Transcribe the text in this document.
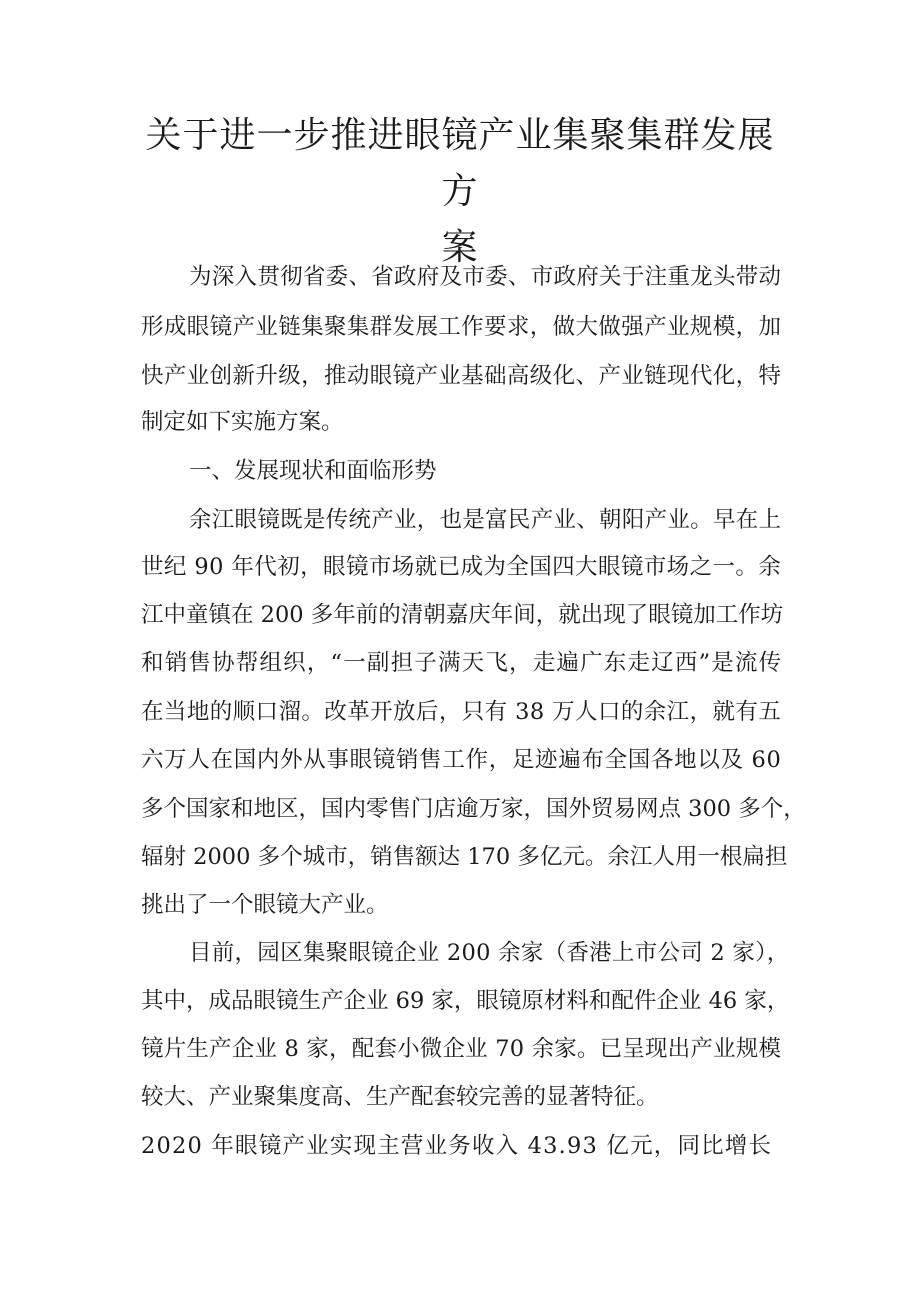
关于进一步推进眼镜产业集聚集群发展方
案
为深入贯彻省委、省政府及市委、市政府关于注重龙头带动
形成眼镜产业链集聚集群发展工作要求，做大做强产业规模，加
快产业创新升级，推动眼镜产业基础高级化、产业链现代化，特
制定如下实施方案。
一、发展现状和面临形势
余江眼镜既是传统产业，也是富民产业、朝阳产业。早在上
世纪 90 年代初，眼镜市场就已成为全国四大眼镜市场之一。余
江中童镇在 200 多年前的清朝嘉庆年间，就出现了眼镜加工作坊
和销售协帮组织，“一副担子满天飞，走遍广东走辽西”是流传
在当地的顺口溜。改革开放后，只有 38 万人口的余江，就有五
六万人在国内外从事眼镜销售工作，足迹遍布全国各地以及 60
多个国家和地区，国内零售门店逾万家，国外贸易网点 300 多个，
辐射 2000 多个城市，销售额达 170 多亿元。余江人用一根扁担
挑出了一个眼镜大产业。
目前，园区集聚眼镜企业 200 余家（香港上市公司 2 家），
其中，成品眼镜生产企业 69 家，眼镜原材料和配件企业 46 家，
镜片生产企业 8 家，配套小微企业 70 余家。已呈现出产业规模
较大、产业聚集度高、生产配套较完善的显著特征。
2020 年眼镜产业实现主营业务收入 43.93 亿元，同比增长
